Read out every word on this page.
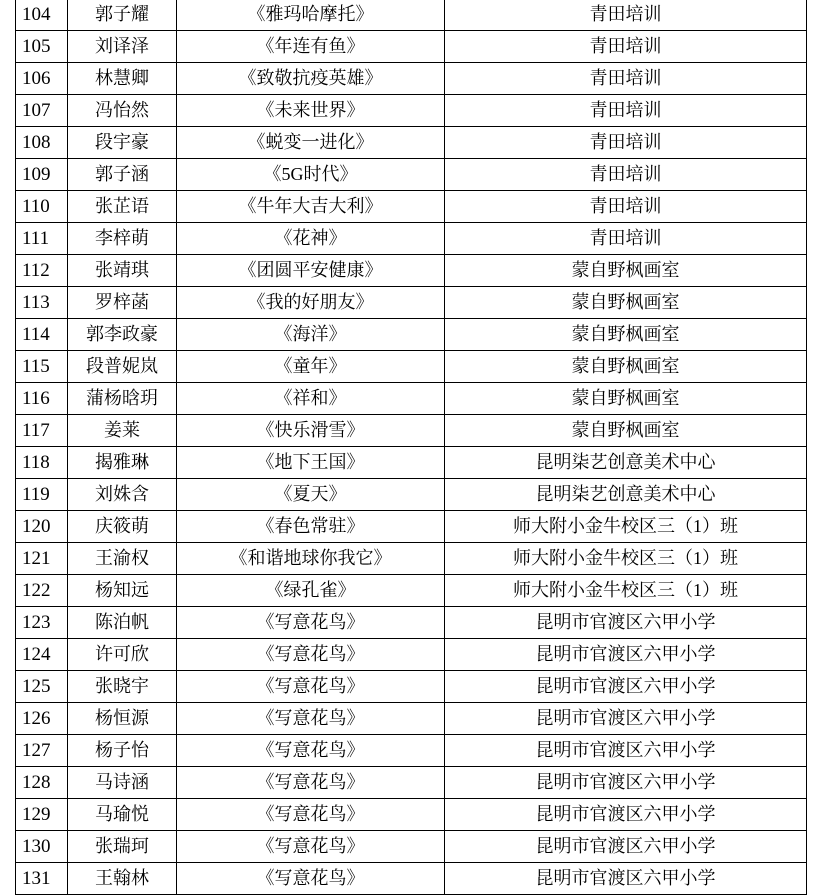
104	郭子耀	《雅玛哈摩托》	青田培训
105	刘译泽	《年连有鱼》	青田培训
106	林慧卿	《致敬抗疫英雄》	青田培训
107	冯怡然	《未来世界》	青田培训
108	段宇豪	《蜕变一进化》	青田培训
109	郭子涵	《5G时代》	青田培训
110	张芷语	《牛年大吉大利》	青田培训
111	李梓萌	《花神》	青田培训
112	张靖琪	《团圆平安健康》	蒙自野枫画室
113	罗梓菡	《我的好朋友》	蒙自野枫画室
114	郭李政豪	《海洋》	蒙自野枫画室
115	段普妮岚	《童年》	蒙自野枫画室
116	蒲杨晗玥	《祥和》	蒙自野枫画室
117	姜莱	《快乐滑雪》	蒙自野枫画室
118	揭雅琳	《地下王国》	昆明柒艺创意美术中心
119	刘姝含	《夏天》	昆明柒艺创意美术中心
120	庆筱萌	《春色常驻》	师大附小金牛校区三（1）班
121	王渝权	《和谐地球你我它》	师大附小金牛校区三（1）班
122	杨知远	《绿孔雀》	师大附小金牛校区三（1）班
123	陈泊帆	《写意花鸟》	昆明市官渡区六甲小学
124	许可欣	《写意花鸟》	昆明市官渡区六甲小学
125	张晓宇	《写意花鸟》	昆明市官渡区六甲小学
126	杨恒源	《写意花鸟》	昆明市官渡区六甲小学
127	杨子怡	《写意花鸟》	昆明市官渡区六甲小学
128	马诗涵	《写意花鸟》	昆明市官渡区六甲小学
129	马瑜悦	《写意花鸟》	昆明市官渡区六甲小学
130	张瑞珂	《写意花鸟》	昆明市官渡区六甲小学
131	王翰林	《写意花鸟》	昆明市官渡区六甲小学
